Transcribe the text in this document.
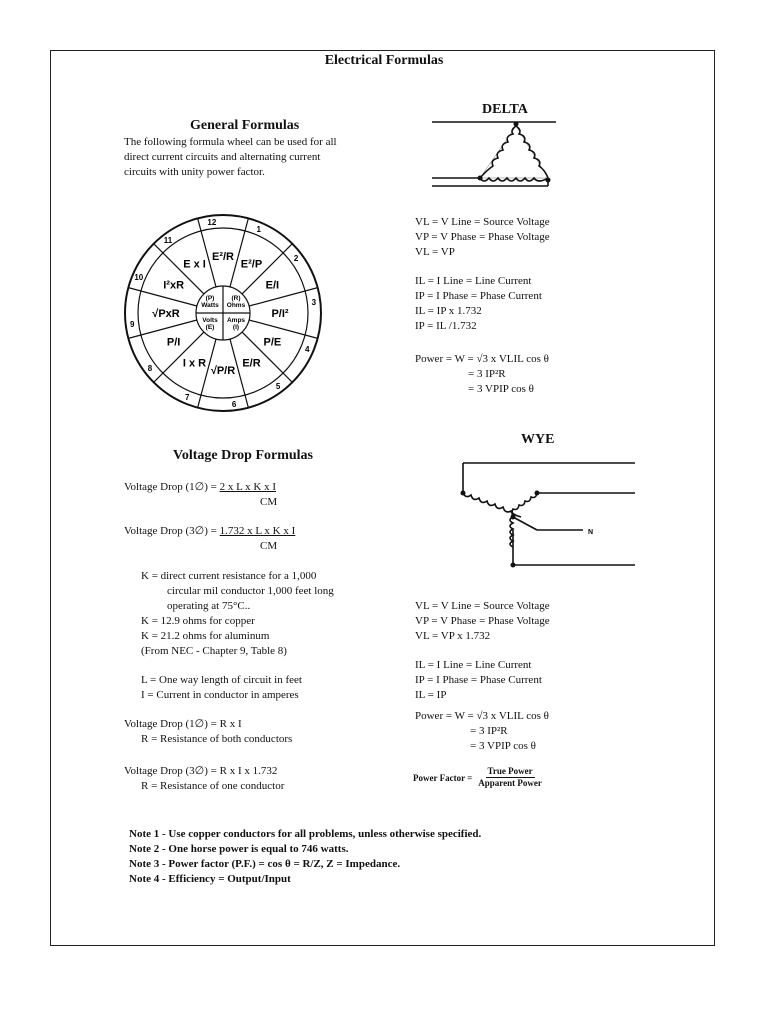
Electrical Formulas
General Formulas
The following formula wheel can be used for all
direct current circuits and alternating current
circuits with unity power factor.
12
1
2
3
4
5
6
7
8
9
10
11
E²/R
E²/P
E/I
P/I²
P/E
E/R
√P/R
I x R
P/I
√PxR
I²xR
E x I
(P) Watts
(R) Ohms
Volts (E)
Amps (I)
DELTA
VL = V Line = Source Voltage
VP = V Phase = Phase Voltage
VL = VP
IL = I Line = Line Current
IP = I Phase = Phase Current
IL = IP x 1.732
IP = IL /1.732
Power = W = √3 x VLIL cos θ
= 3 IP²R
= 3 VPIP cos θ
Voltage Drop Formulas
Voltage Drop (1∅) = 2 x L x K x I
CM
Voltage Drop (3∅) = 1.732 x L x K x I
CM
K = direct current resistance for a 1,000
circular mil conductor 1,000 feet long
operating at 75°C..
K = 12.9 ohms for copper
K = 21.2 ohms for aluminum
(From NEC - Chapter 9, Table 8)
L = One way length of circuit in feet
I = Current in conductor in amperes
Voltage Drop (1∅) = R x I
R = Resistance of both conductors
Voltage Drop (3∅) = R x I x 1.732
R = Resistance of one conductor
WYE
N
VL = V Line = Source Voltage
VP = V Phase = Phase Voltage
VL = VP x 1.732
IL = I Line = Line Current
IP = I Phase = Phase Current
IL = IP
Power = W = √3 x VLIL cos θ
= 3 IP²R
= 3 VPIP cos θ
Power Factor = $\frac{\text{True Power}}{\text{Apparent Power}}$
Note 1 - Use copper conductors for all problems, unless otherwise specified.
Note 2 - One horse power is equal to 746 watts.
Note 3 - Power factor (P.F.) = cos θ = R/Z, Z = Impedance.
Note 4 - Efficiency = Output/Input
